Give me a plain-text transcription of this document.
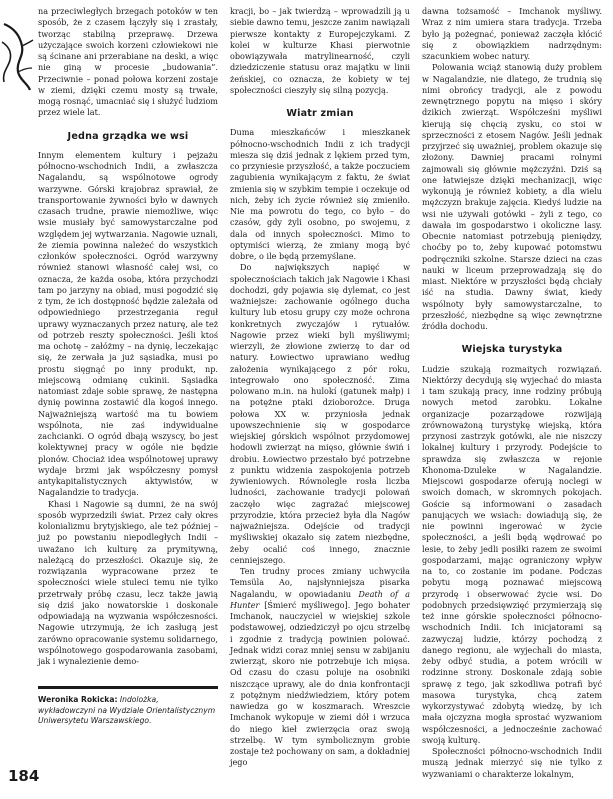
na przeciwległych brzegach potoków w ten sposób, że z czasem łączyły się i zrastały, tworząc stabilną przeprawę. Drzewa użyczające swoich korzeni człowiekowi nie są ścinane ani przerabiane na deski, a więc nie giną w procesie „budowania”. Przeciwnie – ponad połowa korzeni zostaje w ziemi, dzięki czemu mosty są trwałe, mogą rosnąć, umacniać się i służyć ludziom przez wiele lat.

Jedna grządka we wsi

Innym elementem kultury i pejzażu północno-wschodnich Indii, a zwłaszcza Nagalandu, są wspólnotowe ogrody warzywne. Górski krajobraz sprawiał, że transportowanie żywności było w dawnych czasach trudne, prawie niemożliwe, więc wsie musiały być samowystarczalne pod względem jej wytwarzania. Nagowie uznali, że ziemia powinna należeć do wszystkich członków społeczności. Ogród warzywny również stanowi własność całej wsi, co oznacza, że każda osoba, która przychodzi tam po jarzyny na obiad, musi pogodzić się z tym, że ich dostępność będzie zależała od odpowiedniego przestrzegania reguł uprawy wyznaczanych przez naturę, ale też od potrzeb reszty społeczności. Jeśli ktoś ma ochotę – załóżmy – na dynię, leczekając się, że zerwała ja już sąsiadka, musi po prostu sięgnąć po inny produkt, np. miejscową odmianę cukinii. Sąsiadka natomiast zdaje sobie sprawę, że następna dynię powinna zostawić dla kogoś innego. Najważniejszą wartość ma tu bowiem wspólnota, nie zaś indywidualne zachcianki. O ogród dbają wszyscy, bo jest kolektywnej pracy w ogóle nie będzie plonów. Chociaż idea wspólnotowej uprawy wydaje brzmi jak współczesny pomysł antykapitalistycznych aktywistów, w Nagalandzie to tradycja.

Khasi i Nagowie są dumni, że na swój sposób wyprzedzili świat. Przez cały okres kolonializmu brytyjskiego, ale też później – już po powstaniu niepodległych Indii – uważano ich kulturę za prymitywną, należącą do przeszłości. Okazuje się, że rozwiązania wypracowane przez te społeczności wiele stuleci temu nie tylko przetrwały próbę czasu, lecz także jawią się dziś jako nowatorskie i doskonale odpowiadają na wyzwania współczesności. Nagowie utrzymują, że ich zasługą jest zarówno opracowanie systemu solidarnego, wspólnotowego gospodarowania zasobami, jak i wynalezienie demo-

kracji, bo – jak twierdzą – wprowadzili ją u siebie dawno temu, jeszcze zanim nawiązali pierwsze kontakty z Europejczykami. Z kolei w kulturze Khasi pierwotnie obowiązywała matrylinearność, czyli dziedziczenie statusu oraz majątku w linii żeńskiej, co oznacza, że kobiety w tej społeczności cieszyły się silną pozycją.

Wiatr zmian

Duma mieszkańców i mieszkanek północno-wschodnich Indii z ich tradycji miesza się dziś jednak z lękiem przed tym, co przyniesie przyszłość, a także poczuciem zagubienia wynikającym z faktu, że świat zmienia się w szybkim tempie i oczekuje od nich, żeby ich życie również się zmieniło. Nie ma powrotu do tego, co było – do czasów, gdy żyli osobno, po swojemu, z dala od innych społeczności. Mimo to optymiści wierzą, że zmiany mogą być dobre, o ile będą przemyślane.

Do największych napięć w społecznościach takich jak Nagowie i Khasi dochodzi, gdy pojawia się dylemat, co jest ważniejsze: zachowanie ogólnego ducha kultury lub etosu grupy czy może ochrona konkretnych zwyczajów i rytuałów. Nagowie przez wieki byli myśliwymi; wierzyli, że złowione zwierzę to dar od natury. Łowiectwo uprawiano według założenia wynikającego z pór roku, integrowało ono społeczność. Zima polowano m.in. na hulokí (gatunek małp) i na potężne ptaki dzioborożce. Druga połowa XX w. przyniosła jednak upowszechnienie się w gospodarce wiejskiej górskich wspólnot przydomowej hodowli zwierząt na mięso, głównie świń i drobiu. Łowiectwo przestało być potrzebne z punktu widzenia zaspokojenia potrzeb żywieniowych. Równolegle rosła liczba ludności, zachowanie tradycji polowań zaczęło więc zagrażać miejscowej przyrodzie, która przecież była dla Nagów najważniejsza. Odejście od tradycji myśliwskiej okazało się zatem niezbędne, żeby ocalić coś innego, znacznie cenniejszego.

Ten trudny proces zmiany uchwyciła Temsüla Ao, najsłynniejsza pisarka Nagalandu, w opowiadaniu Death of a Hunter [Śmierć myśliwego]. Jego bohater Imchanok, nauczyciel w wiejskiej szkole podstawowej, odziedziczył po ojcu strzelbę i zgodnie z tradycją powinien polować. Jednak widzi coraz mniej sensu w zabijaniu zwierząt, skoro nie potrzebuje ich mięsa. Od czasu do czasu poluje na osobniki niszczące uprawy, ale do dnia konfrontacji z potężnym niedźwiedziem, który potem nawiedza go w koszmarach. Wreszcie Imchanok wykopuje w ziemi dół i wrzuca do niego kieł zwierzęcia oraz swoją strzelbę. W tym symbolicznym grobie zostaje też pochowany on sam, a dokładniej jego

dawna tożsamość – Imchanok myśliwy. Wraz z nim umiera stara tradycja. Trzeba było ją pożegnać, ponieważ zaczęła kłócić się z obowiązkiem nadrzędnym: szacunkiem wobec natury.

Polowania wciąż stanowią duży problem w Nagalandzie, nie dlatego, że trudnią się nimi obrońcy tradycji, ale z powodu zewnętrznego popytu na mięso i skóry dzikich zwierząt. Współcześni myśliwi kierują się chęcią zysku, co stoi w sprzeczności z etosem Nagów. Jeśli jednak przyjrzeć się uważniej, problem okazuje się złożony. Dawniej pracami rolnymi zajmowali się głównie mężczyźni. Dziś są one łatwiejsze dzięki mechanizacji, więc wykonują je również kobiety, a dla wielu mężczyzn brakuje zajęcia. Kiedyś ludzie na wsi nie używali gotówki – żyli z tego, co dawała im gospodarstwo i okoliczne lasy. Obecnie natomiast potrzebują pieniędzy, choćby po to, żeby kupować potomstwu podręczniki szkolne. Starsze dzieci na czas nauki w liceum przeprowadzają się do miast. Niektóre w przyszłości będą chciały iść na studia. Dawny świat, kiedy wspólnoty były samowystarczalne, to przeszłość, niezbędne są więc zewnętrzne źródła dochodu.

Wiejska turystyka

Ludzie szukają rozmaitych rozwiązań. Niektórzy decydują się wyjechać do miasta i tam szukają pracy, inne rodziny próbują nowych metod zarobku. Lokalne organizacje pozarządowe rozwijają zrównoważoną turystykę wiejską, która przynosi zastrzyk gotówki, ale nie niszczy lokalnej kultury i przyrody. Podejście to sprawdza się zwłaszcza w rejonie Khonoma-Dzuleke w Nagalandzie. Miejscowi gospodarze oferują noclegi w swoich domach, w skromnych pokojach. Goście są informowani o zasadach panujących we wsiach: dowiadują się, że nie powinni ingerować w życie społeczności, a jeśli będą wędrować po lesie, to żeby jedli posiłki razem ze swoimi gospodarzami, mając ograniczony wpływ na to, co zostanie im podane. Podczas pobytu mogą poznawać miejscową przyrodę i obserwować życie wsi. Do podobnych przedsięwzięć przymierzają się też inne górskie społeczności północno-wschodnich Indii. Ich inicjatorami są zazwyczaj ludzie, którzy pochodzą z danego regionu, ale wyjechali do miasta, żeby odbyć studia, a potem wrócili w rodzinne strony. Doskonale zdają sobie sprawę z tego, jak szkodliwa potrafi być masowa turystyka, chcą zatem wykorzystywać zdobytą wiedzę, by ich mała ojczyzna mogła sprostać wyzwaniom współczesności, a jednocześnie zachować swoją kulturę.

Społeczności północno-wschodnich Indii muszą jednak mierzyć się nie tylko z wyzwaniami o charakterze lokalnym,

Weronika Rokicka: Indolożka, wykładowczyni na Wydziale Orientalistycznym Uniwersytetu Warszawskiego.
184
